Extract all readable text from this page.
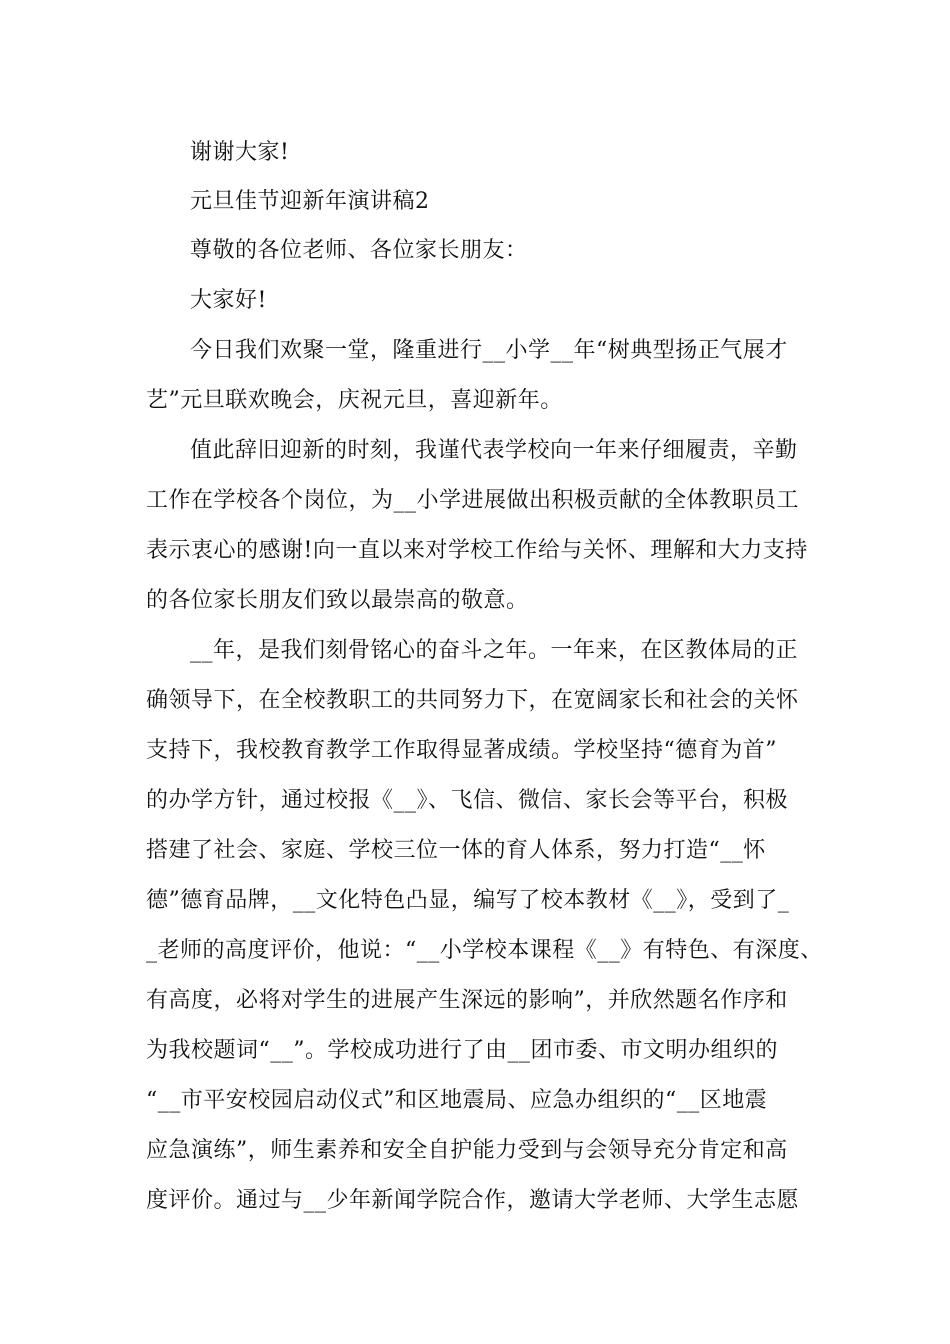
谢谢大家!
元旦佳节迎新年演讲稿2
尊敬的各位老师、各位家长朋友：
大家好!
今日我们欢聚一堂，隆重进行__小学__年“树典型扬正气展才
艺”元旦联欢晚会，庆祝元旦，喜迎新年。
值此辞旧迎新的时刻，我谨代表学校向一年来仔细履责，辛勤
工作在学校各个岗位，为__小学进展做出积极贡献的全体教职员工
表示衷心的感谢!向一直以来对学校工作给与关怀、理解和大力支持
的各位家长朋友们致以最崇高的敬意。
__年，是我们刻骨铭心的奋斗之年。一年来，在区教体局的正
确领导下，在全校教职工的共同努力下，在宽阔家长和社会的关怀
支持下，我校教育教学工作取得显著成绩。学校坚持“德育为首”
的办学方针，通过校报《__》、飞信、微信、家长会等平台，积极
搭建了社会、家庭、学校三位一体的育人体系，努力打造“__怀
德”德育品牌，__文化特色凸显，编写了校本教材《__》，受到了_
_老师的高度评价，他说：“__小学校本课程《__》有特色、有深度、
有高度，必将对学生的进展产生深远的影响”，并欣然题名作序和
为我校题词“__”。学校成功进行了由__团市委、市文明办组织的
“__市平安校园启动仪式”和区地震局、应急办组织的“__区地震
应急演练”，师生素养和安全自护能力受到与会领导充分肯定和高
度评价。通过与__少年新闻学院合作，邀请大学老师、大学生志愿
